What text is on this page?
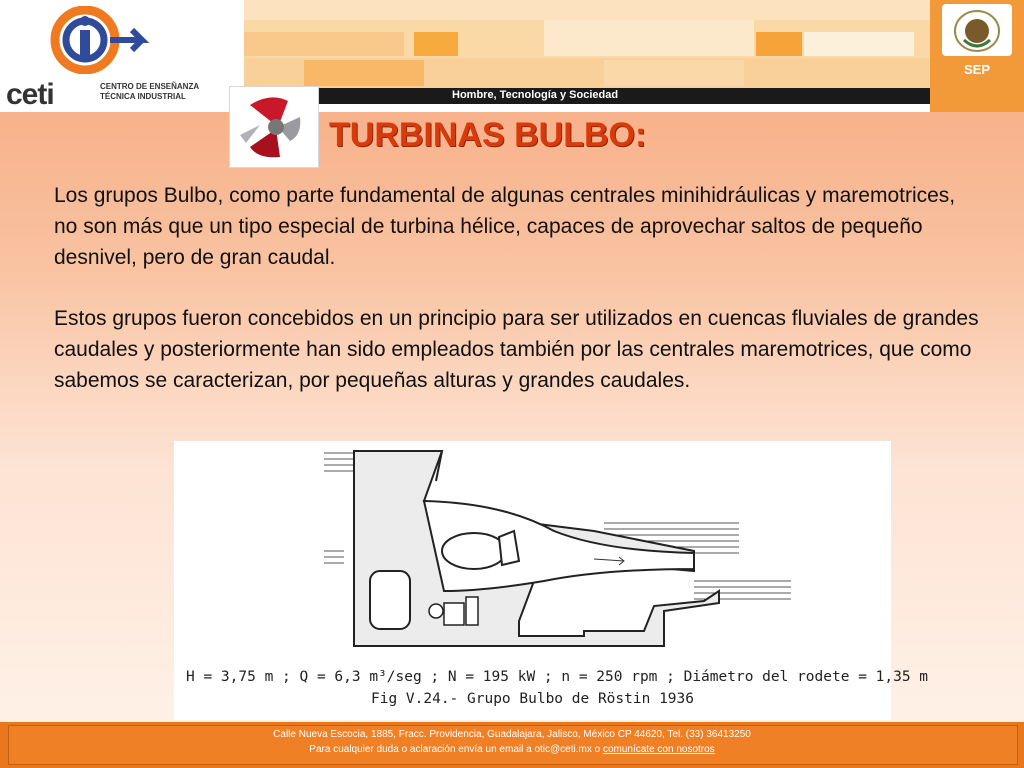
ceti	CENTRO DE ENSEÑANZA
TÉCNICA INDUSTRIAL	Hombre, Tecnología y Sociedad
SEP
TURBINAS BULBO:

Los grupos Bulbo, como parte fundamental de algunas centrales minihidráulicas y maremotrices, no son más que un tipo especial de turbina hélice, capaces de aprovechar saltos de pequeño desnivel, pero de gran caudal.

Estos grupos fueron concebidos en un principio para ser utilizados en cuencas fluviales de grandes caudales y posteriormente han sido empleados también por las centrales maremotrices, que como sabemos se caracterizan, por pequeñas alturas y grandes caudales.

H = 3,75 m ; Q = 6,3 m³/seg ; N = 195 kW ; n = 250 rpm ; Diámetro del rodete = 1,35 m
Fig V.24.- Grupo Bulbo de Röstin 1936
Calle Nueva Escocia, 1885, Fracc. Providencia, Guadalajara, Jalisco, México CP 44620, Tel. (33) 36413250
Para cualquier duda o aclaración envía un email a otic@ceti.mx o comunícate con nosotros
